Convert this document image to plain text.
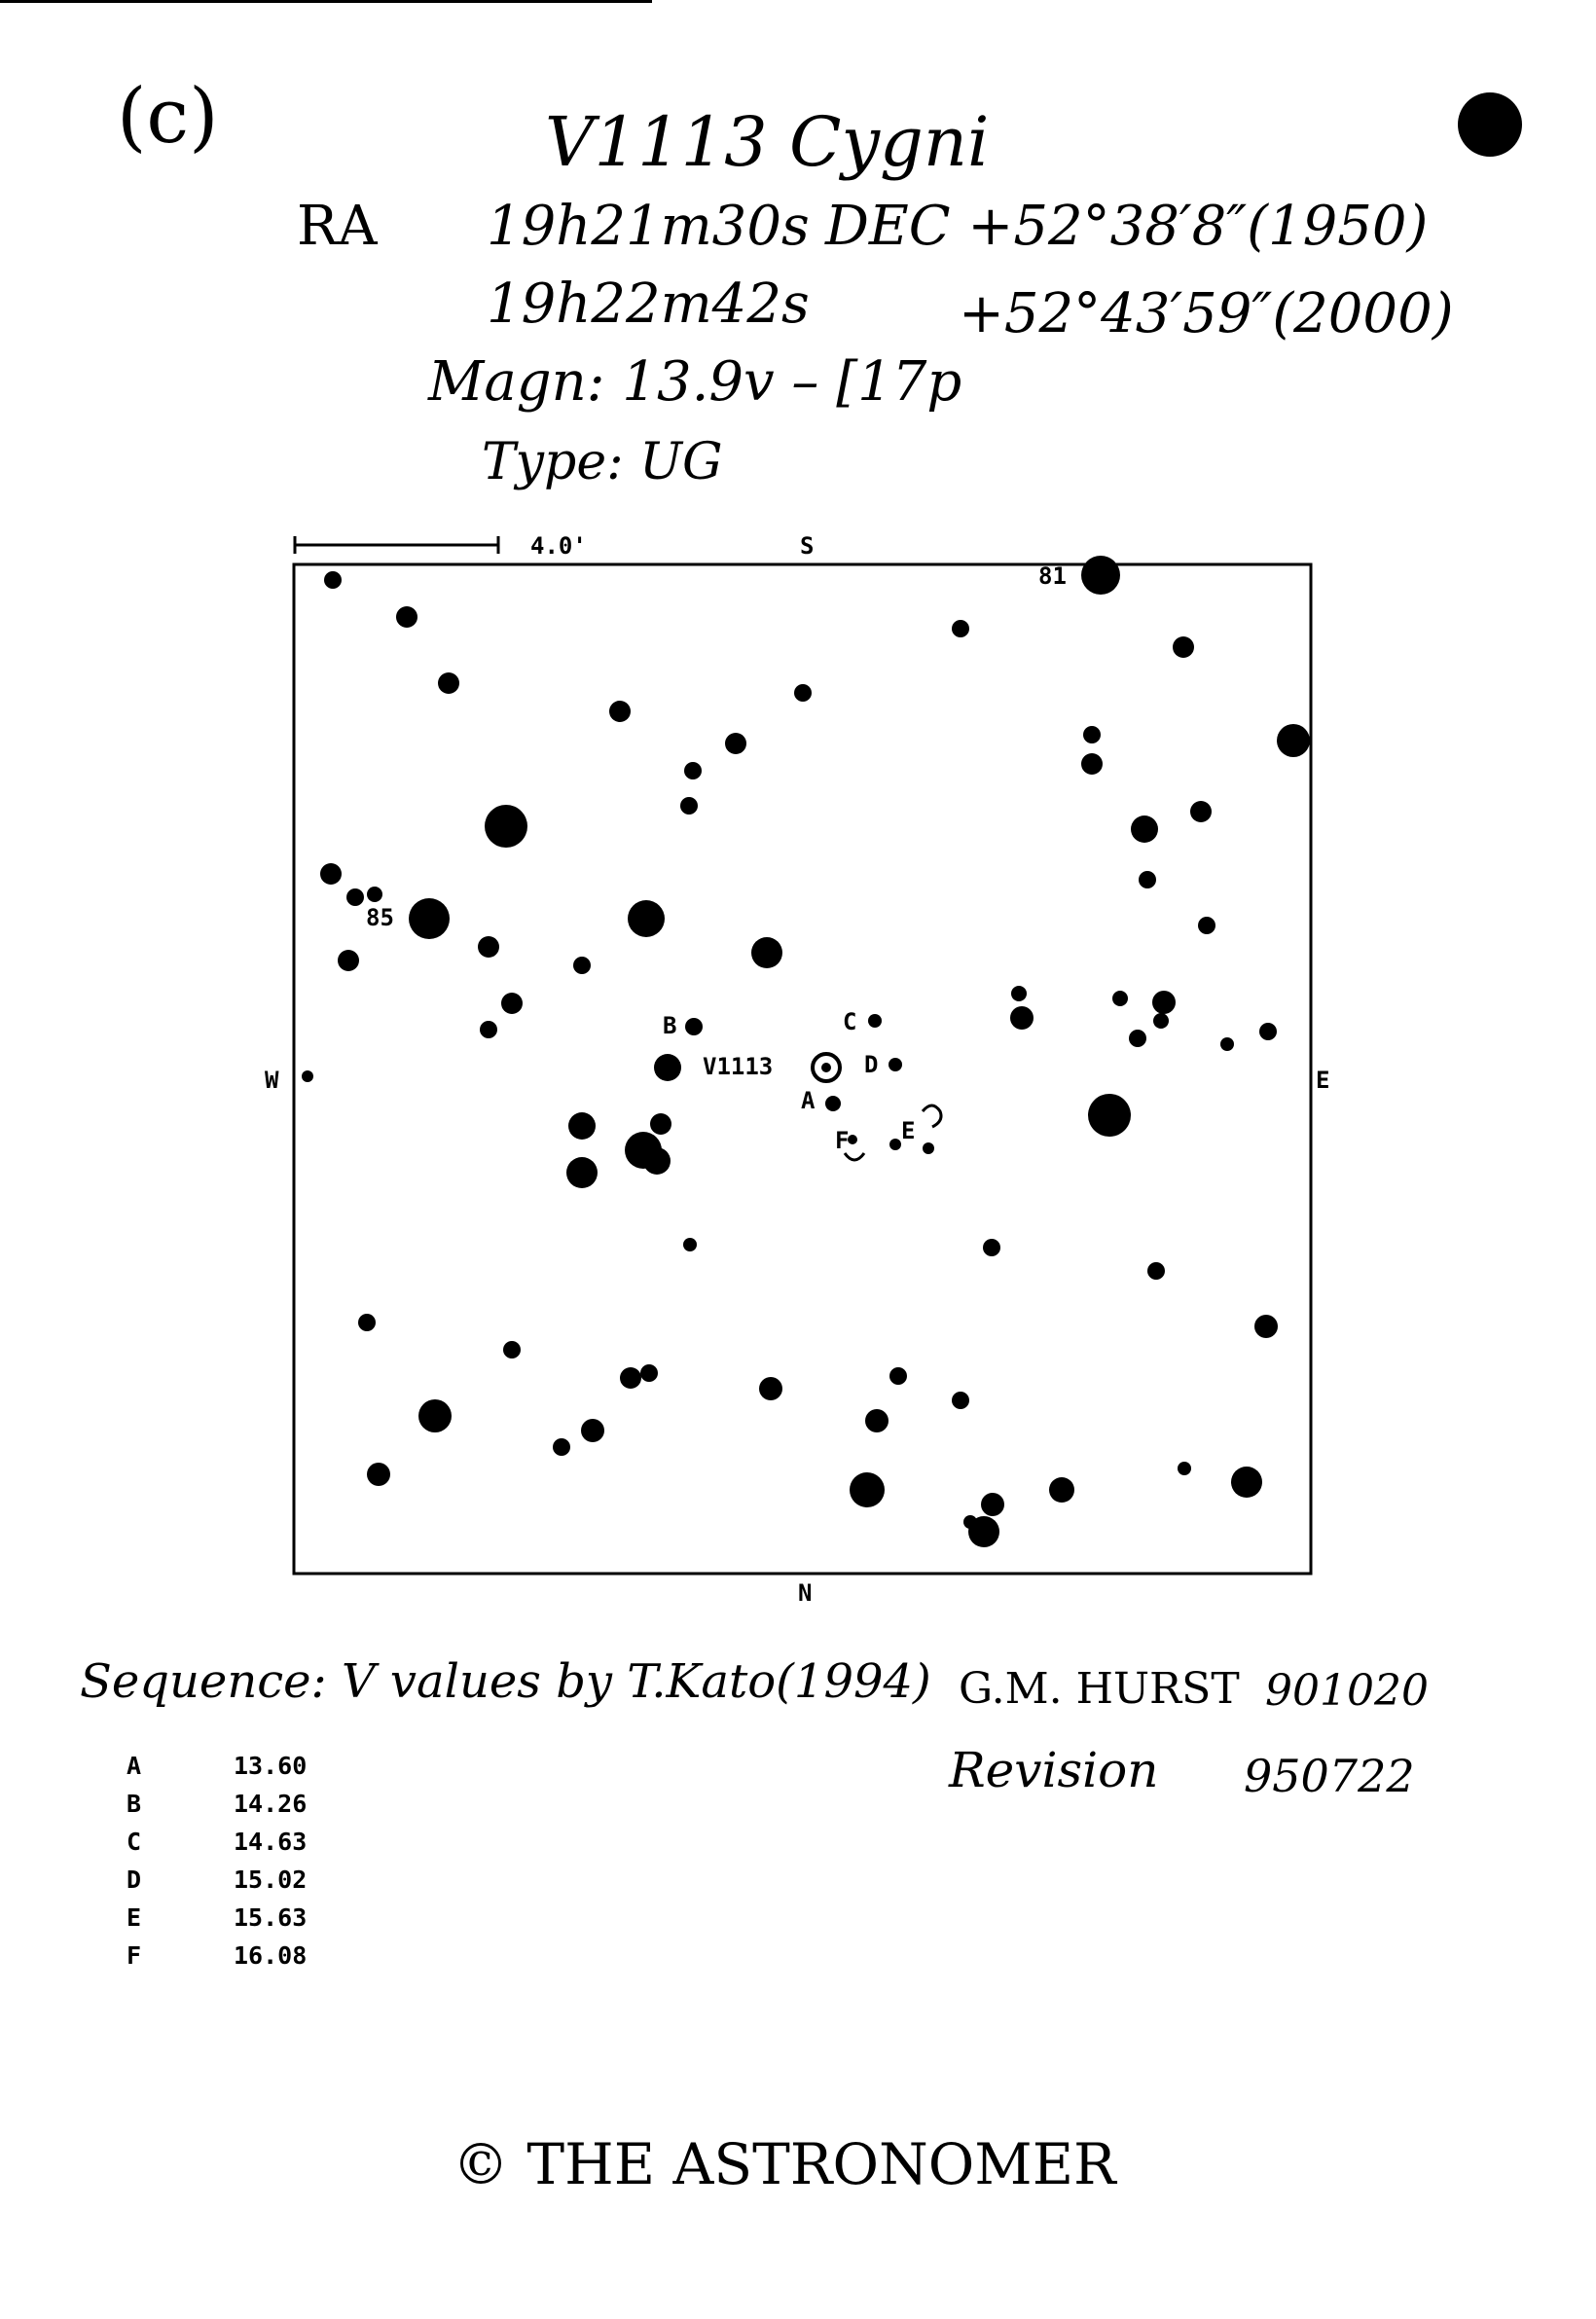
(c)	V1113 Cygni
RA 19h21m30s DEC +52°38′8″(1950)
19h22m42s	+52°43′59″(2000)
Magn: 13.9v – [17p
Type: UG
4.0'	S
N
W	E
81
85
V1113
A
B	C
D
E
F
Sequence: V values by T.Kato(1994)
A	13.60
B	14.26
C	14.63
D	15.02
E	15.63
F	16.08
G.M. HURST 901020
Revision 950722
© THE ASTRONOMER
